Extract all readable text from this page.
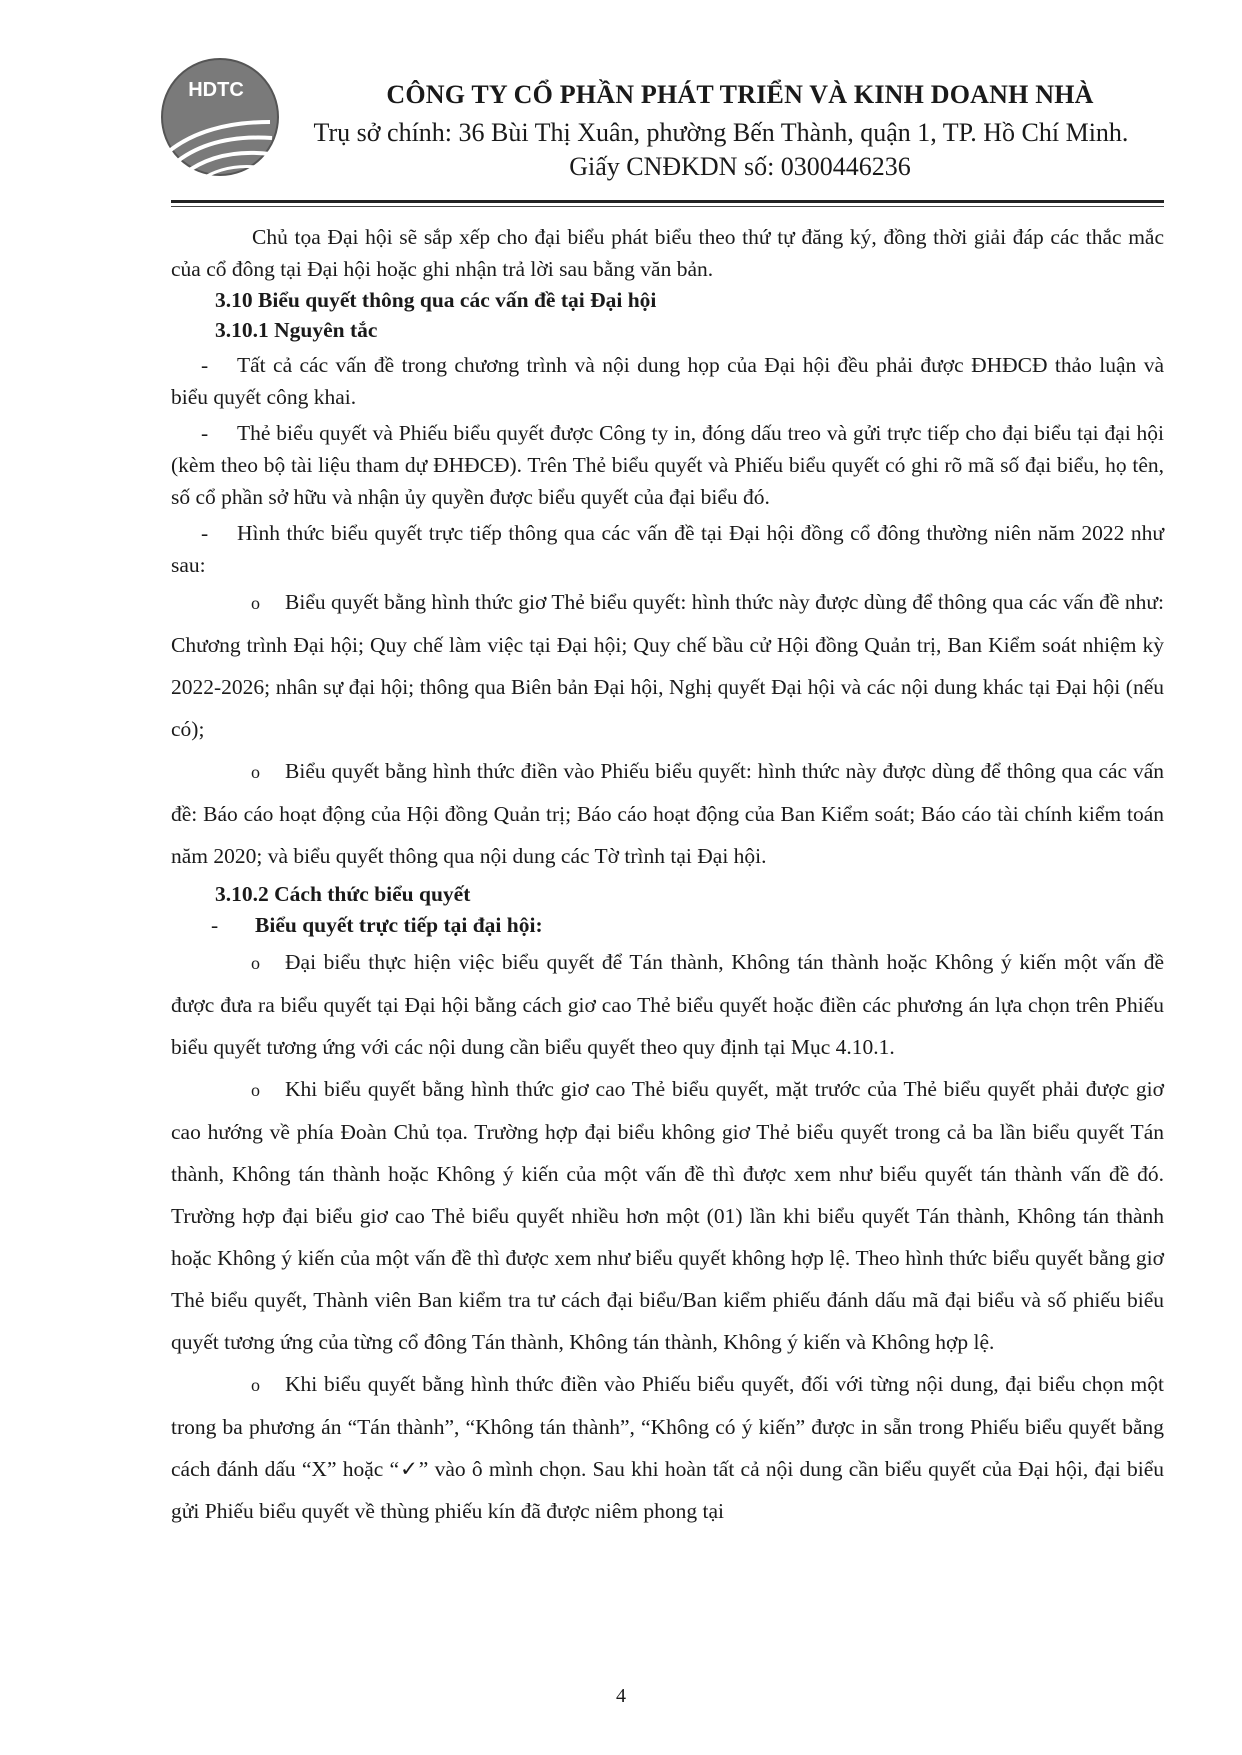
HDTC	CÔNG TY CỔ PHẦN PHÁT TRIỂN VÀ KINH DOANH NHÀ
Trụ sở chính: 36 Bùi Thị Xuân, phường Bến Thành, quận 1, TP. Hồ Chí Minh.
Giấy CNĐKDN số: 0300446236

Chủ tọa Đại hội sẽ sắp xếp cho đại biểu phát biểu theo thứ tự đăng ký, đồng thời giải đáp các thắc mắc của cổ đông tại Đại hội hoặc ghi nhận trả lời sau bằng văn bản.

3.10 Biểu quyết thông qua các vấn đề tại Đại hội

3.10.1 Nguyên tắc

- Tất cả các vấn đề trong chương trình và nội dung họp của Đại hội đều phải được ĐHĐCĐ thảo luận và biểu quyết công khai.

- Thẻ biểu quyết và Phiếu biểu quyết được Công ty in, đóng dấu treo và gửi trực tiếp cho đại biểu tại đại hội (kèm theo bộ tài liệu tham dự ĐHĐCĐ). Trên Thẻ biểu quyết và Phiếu biểu quyết có ghi rõ mã số đại biểu, họ tên, số cổ phần sở hữu và nhận ủy quyền được biểu quyết của đại biểu đó.

- Hình thức biểu quyết trực tiếp thông qua các vấn đề tại Đại hội đồng cổ đông thường niên năm 2022 như sau:

o Biểu quyết bằng hình thức giơ Thẻ biểu quyết: hình thức này được dùng để thông qua các vấn đề như: Chương trình Đại hội; Quy chế làm việc tại Đại hội; Quy chế bầu cử Hội đồng Quản trị, Ban Kiểm soát nhiệm kỳ 2022-2026; nhân sự đại hội; thông qua Biên bản Đại hội, Nghị quyết Đại hội và các nội dung khác tại Đại hội (nếu có);

o Biểu quyết bằng hình thức điền vào Phiếu biểu quyết: hình thức này được dùng để thông qua các vấn đề: Báo cáo hoạt động của Hội đồng Quản trị; Báo cáo hoạt động của Ban Kiểm soát; Báo cáo tài chính kiểm toán năm 2020; và biểu quyết thông qua nội dung các Tờ trình tại Đại hội.

3.10.2 Cách thức biểu quyết

- Biểu quyết trực tiếp tại đại hội:

o Đại biểu thực hiện việc biểu quyết để Tán thành, Không tán thành hoặc Không ý kiến một vấn đề được đưa ra biểu quyết tại Đại hội bằng cách giơ cao Thẻ biểu quyết hoặc điền các phương án lựa chọn trên Phiếu biểu quyết tương ứng với các nội dung cần biểu quyết theo quy định tại Mục 4.10.1.

o Khi biểu quyết bằng hình thức giơ cao Thẻ biểu quyết, mặt trước của Thẻ biểu quyết phải được giơ cao hướng về phía Đoàn Chủ tọa. Trường hợp đại biểu không giơ Thẻ biểu quyết trong cả ba lần biểu quyết Tán thành, Không tán thành hoặc Không ý kiến của một vấn đề thì được xem như biểu quyết tán thành vấn đề đó. Trường hợp đại biểu giơ cao Thẻ biểu quyết nhiều hơn một (01) lần khi biểu quyết Tán thành, Không tán thành hoặc Không ý kiến của một vấn đề thì được xem như biểu quyết không hợp lệ. Theo hình thức biểu quyết bằng giơ Thẻ biểu quyết, Thành viên Ban kiểm tra tư cách đại biểu/Ban kiểm phiếu đánh dấu mã đại biểu và số phiếu biểu quyết tương ứng của từng cổ đông Tán thành, Không tán thành, Không ý kiến và Không hợp lệ.

o Khi biểu quyết bằng hình thức điền vào Phiếu biểu quyết, đối với từng nội dung, đại biểu chọn một trong ba phương án “Tán thành”, “Không tán thành”, “Không có ý kiến” được in sẵn trong Phiếu biểu quyết bằng cách đánh dấu “X” hoặc “✓” vào ô mình chọn. Sau khi hoàn tất cả nội dung cần biểu quyết của Đại hội, đại biểu gửi Phiếu biểu quyết về thùng phiếu kín đã được niêm phong tại

4
